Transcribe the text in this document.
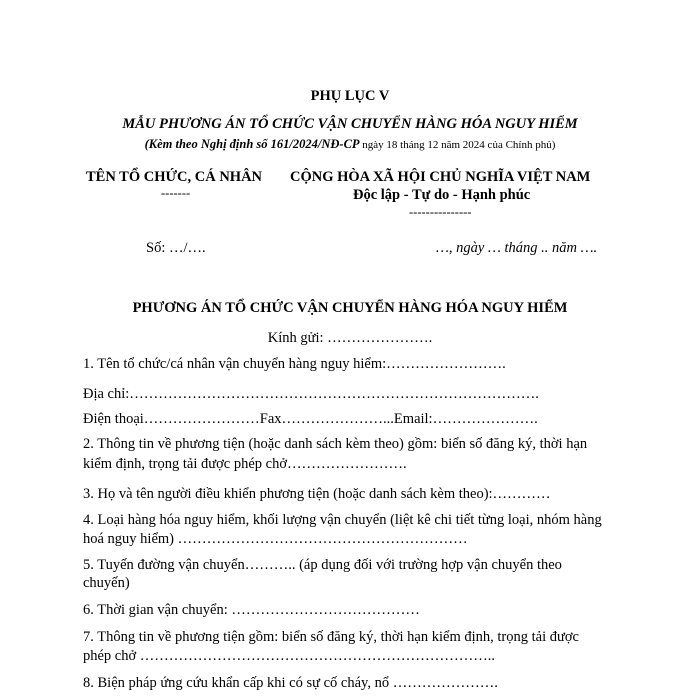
PHỤ LỤC V
MẪU PHƯƠNG ÁN TỔ CHỨC VẬN CHUYỂN HÀNG HÓA NGUY HIỂM
(Kèm theo Nghị định số 161/2024/NĐ-CP ngày 18 tháng 12 năm 2024 của Chính phủ)
TÊN TỔ CHỨC, CÁ NHÂN
-------
CỘNG HÒA XÃ HỘI CHỦ NGHĨA VIỆT NAM
Độc lập - Tự do - Hạnh phúc
---------------
Số: …/….	…, ngày … tháng .. năm ….
PHƯƠNG ÁN TỔ CHỨC VẬN CHUYỂN HÀNG HÓA NGUY HIỂM
Kính gửi: ………………….
1. Tên tổ chức/cá nhân vận chuyển hàng nguy hiểm:…………………….
Địa chỉ:………………………………………………………………………….
Điện thoại……………………Fax…………………...Email:………………….
2. Thông tin về phương tiện (hoặc danh sách kèm theo) gồm: biển số đăng ký, thời hạn
kiểm định, trọng tải được phép chở…………………….
3. Họ và tên người điều khiển phương tiện (hoặc danh sách kèm theo):…………
4. Loại hàng hóa nguy hiểm, khối lượng vận chuyển (liệt kê chi tiết từng loại, nhóm hàng
hoá nguy hiểm) ……………………………………………………
5. Tuyến đường vận chuyển……….. (áp dụng đối với trường hợp vận chuyển theo
chuyến)
6. Thời gian vận chuyển: …………………………………
7. Thông tin về phương tiện gồm: biển số đăng ký, thời hạn kiểm định, trọng tải được
phép chở ………………………………………………………………..
8. Biện pháp ứng cứu khẩn cấp khi có sự cố cháy, nổ ………………….
